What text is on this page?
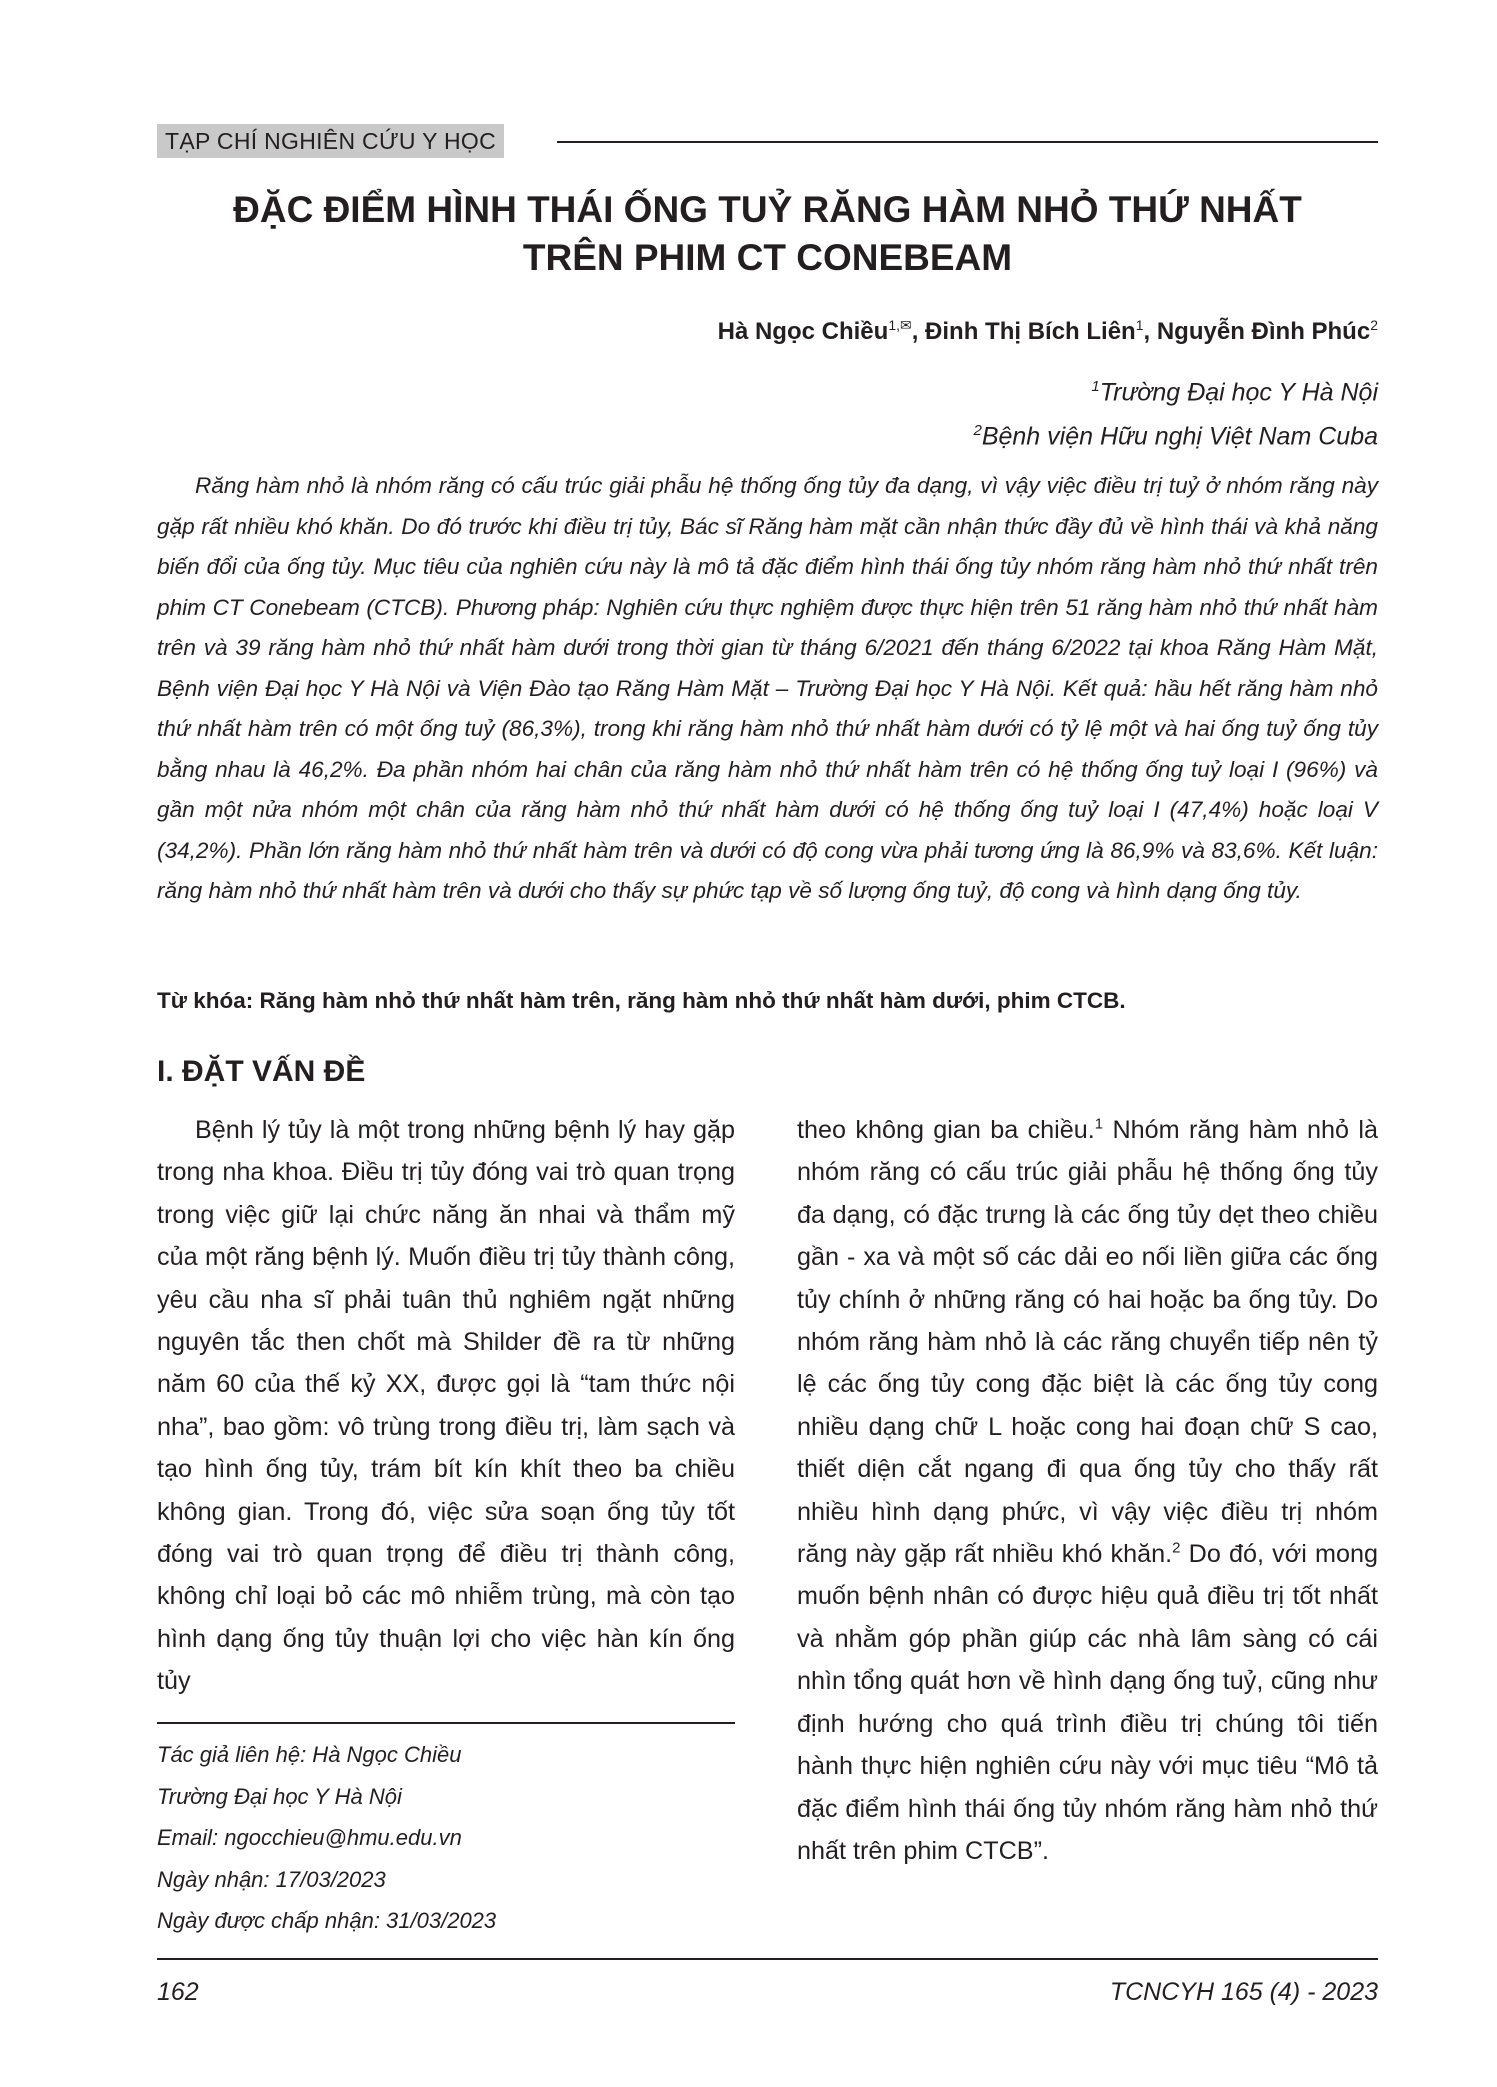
TẠP CHÍ NGHIÊN CỨU Y HỌC
ĐẶC ĐIỂM HÌNH THÁI ỐNG TUỶ RĂNG HÀM NHỎ THỨ NHẤT
TRÊN PHIM CT CONEBEAM
Hà Ngọc Chiều$^{1,✉}$, Đinh Thị Bích Liên$^1$, Nguyễn Đình Phúc$^2$
$^1$Trường Đại học Y Hà Nội
$^2$Bệnh viện Hữu nghị Việt Nam Cuba

Răng hàm nhỏ là nhóm răng có cấu trúc giải phẫu hệ thống ống tủy đa dạng, vì vậy việc điều trị tuỷ ở nhóm răng này gặp rất nhiều khó khăn. Do đó trước khi điều trị tủy, Bác sĩ Răng hàm mặt cần nhận thức đầy đủ về hình thái và khả năng biến đổi của ống tủy. Mục tiêu của nghiên cứu này là mô tả đặc điểm hình thái ống tủy nhóm răng hàm nhỏ thứ nhất trên phim CT Conebeam (CTCB). Phương pháp: Nghiên cứu thực nghiệm được thực hiện trên 51 răng hàm nhỏ thứ nhất hàm trên và 39 răng hàm nhỏ thứ nhất hàm dưới trong thời gian từ tháng 6/2021 đến tháng 6/2022 tại khoa Răng Hàm Mặt, Bệnh viện Đại học Y Hà Nội và Viện Đào tạo Răng Hàm Mặt – Trường Đại học Y Hà Nội. Kết quả: hầu hết răng hàm nhỏ thứ nhất hàm trên có một ống tuỷ (86,3%), trong khi răng hàm nhỏ thứ nhất hàm dưới có tỷ lệ một và hai ống tuỷ ống tủy bằng nhau là 46,2%. Đa phần nhóm hai chân của răng hàm nhỏ thứ nhất hàm trên có hệ thống ống tuỷ loại I (96%) và gần một nửa nhóm một chân của răng hàm nhỏ thứ nhất hàm dưới có hệ thống ống tuỷ loại I (47,4%) hoặc loại V (34,2%). Phần lớn răng hàm nhỏ thứ nhất hàm trên và dưới có độ cong vừa phải tương ứng là 86,9% và 83,6%. Kết luận: răng hàm nhỏ thứ nhất hàm trên và dưới cho thấy sự phức tạp về số lượng ống tuỷ, độ cong và hình dạng ống tủy.

Từ khóa: Răng hàm nhỏ thứ nhất hàm trên, răng hàm nhỏ thứ nhất hàm dưới, phim CTCB.
I. ĐẶT VẤN ĐỀ

Bệnh lý tủy là một trong những bệnh lý hay gặp trong nha khoa. Điều trị tủy đóng vai trò quan trọng trong việc giữ lại chức năng ăn nhai và thẩm mỹ của một răng bệnh lý. Muốn điều trị tủy thành công, yêu cầu nha sĩ phải tuân thủ nghiêm ngặt những nguyên tắc then chốt mà Shilder đề ra từ những năm 60 của thế kỷ XX, được gọi là “tam thức nội nha”, bao gồm: vô trùng trong điều trị, làm sạch và tạo hình ống tủy, trám bít kín khít theo ba chiều không gian. Trong đó, việc sửa soạn ống tủy tốt đóng vai trò quan trọng để điều trị thành công, không chỉ loại bỏ các mô nhiễm trùng, mà còn tạo hình dạng ống tủy thuận lợi cho việc hàn kín ống tủy

theo không gian ba chiều.$^1$ Nhóm răng hàm nhỏ là nhóm răng có cấu trúc giải phẫu hệ thống ống tủy đa dạng, có đặc trưng là các ống tủy dẹt theo chiều gần - xa và một số các dải eo nối liền giữa các ống tủy chính ở những răng có hai hoặc ba ống tủy. Do nhóm răng hàm nhỏ là các răng chuyển tiếp nên tỷ lệ các ống tủy cong đặc biệt là các ống tủy cong nhiều dạng chữ L hoặc cong hai đoạn chữ S cao, thiết diện cắt ngang đi qua ống tủy cho thấy rất nhiều hình dạng phức, vì vậy việc điều trị nhóm răng này gặp rất nhiều khó khăn.$^2$ Do đó, với mong muốn bệnh nhân có được hiệu quả điều trị tốt nhất và nhằm góp phần giúp các nhà lâm sàng có cái nhìn tổng quát hơn về hình dạng ống tuỷ, cũng như định hướng cho quá trình điều trị chúng tôi tiến hành thực hiện nghiên cứu này với mục tiêu “Mô tả đặc điểm hình thái ống tủy nhóm răng hàm nhỏ thứ nhất trên phim CTCB”.

Tác giả liên hệ: Hà Ngọc Chiều
Trường Đại học Y Hà Nội
Email: ngocchieu@hmu.edu.vn
Ngày nhận: 17/03/2023
Ngày được chấp nhận: 31/03/2023
162	TCNCYH 165 (4) - 2023
